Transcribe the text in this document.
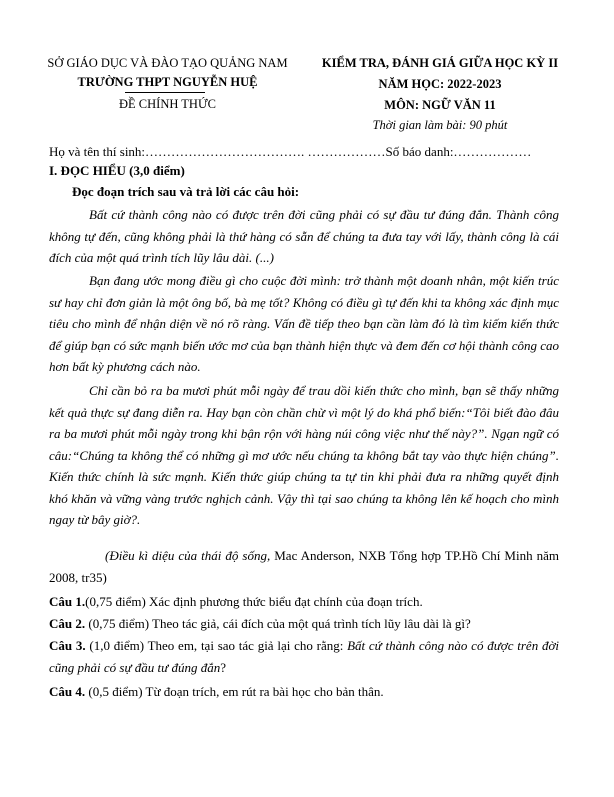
SỞ GIÁO DỤC VÀ ĐÀO TẠO QUẢNG NAM
TRƯỜNG THPT NGUYỄN HUỆ
ĐỀ CHÍNH THỨC
KIỂM TRA, ĐÁNH GIÁ GIỮA HỌC KỲ II
NĂM HỌC: 2022-2023
MÔN: NGỮ VĂN 11
Thời gian làm bài: 90 phút
Họ và tên thí sinh:………………………………. ………………Số báo danh:………………
I. ĐỌC HIỂU (3,0 điểm)
Đọc đoạn trích sau và trả lời các câu hỏi:
Bất cứ thành công nào có được trên đời cũng phải có sự đầu tư đúng đắn. Thành công không tự đến, cũng không phải là thứ hàng có sẵn để chúng ta đưa tay với lấy, thành công là cái đích của một quá trình tích lũy lâu dài. (...)
Bạn đang ước mong điều gì cho cuộc đời mình: trở thành một doanh nhân, một kiến trúc sư hay chỉ đơn giản là một ông bố, bà mẹ tốt? Không có điều gì tự đến khi ta không xác định mục tiêu cho mình để nhận diện về nó rõ ràng. Vấn đề tiếp theo bạn cần làm đó là tìm kiếm kiến thức để giúp bạn có sức mạnh biến ước mơ của bạn thành hiện thực và đem đến cơ hội thành công cao hơn bất kỳ phương cách nào.
Chỉ cần bỏ ra ba mươi phút mỗi ngày để trau dồi kiến thức cho mình, bạn sẽ thấy những kết quả thực sự đang diễn ra. Hay bạn còn chần chừ vì một lý do khá phổ biến:“Tôi biết đào đâu ra ba mươi phút mỗi ngày trong khi bận rộn với hàng núi công việc như thế này?”. Ngạn ngữ có câu:“Chúng ta không thể có những gì mơ ước nếu chúng ta không bắt tay vào thực hiện chúng”. Kiến thức chính là sức mạnh. Kiến thức giúp chúng ta tự tin khi phải đưa ra những quyết định khó khăn và vững vàng trước nghịch cảnh. Vậy thì tại sao chúng ta không lên kế hoạch cho mình ngay từ bây giờ?.
(Điều kì diệu của thái độ sống, Mac Anderson, NXB Tổng hợp TP.Hồ Chí Minh năm 2008, tr35)
Câu 1.(0,75 điểm) Xác định phương thức biểu đạt chính của đoạn trích.
Câu 2. (0,75 điểm) Theo tác giả, cái đích của một quá trình tích lũy lâu dài là gì?
Câu 3. (1,0 điểm) Theo em, tại sao tác giả lại cho rằng: Bất cứ thành công nào có được trên đời cũng phải có sự đầu tư đúng đắn?
Câu 4. (0,5 điểm) Từ đoạn trích, em rút ra bài học cho bản thân.
